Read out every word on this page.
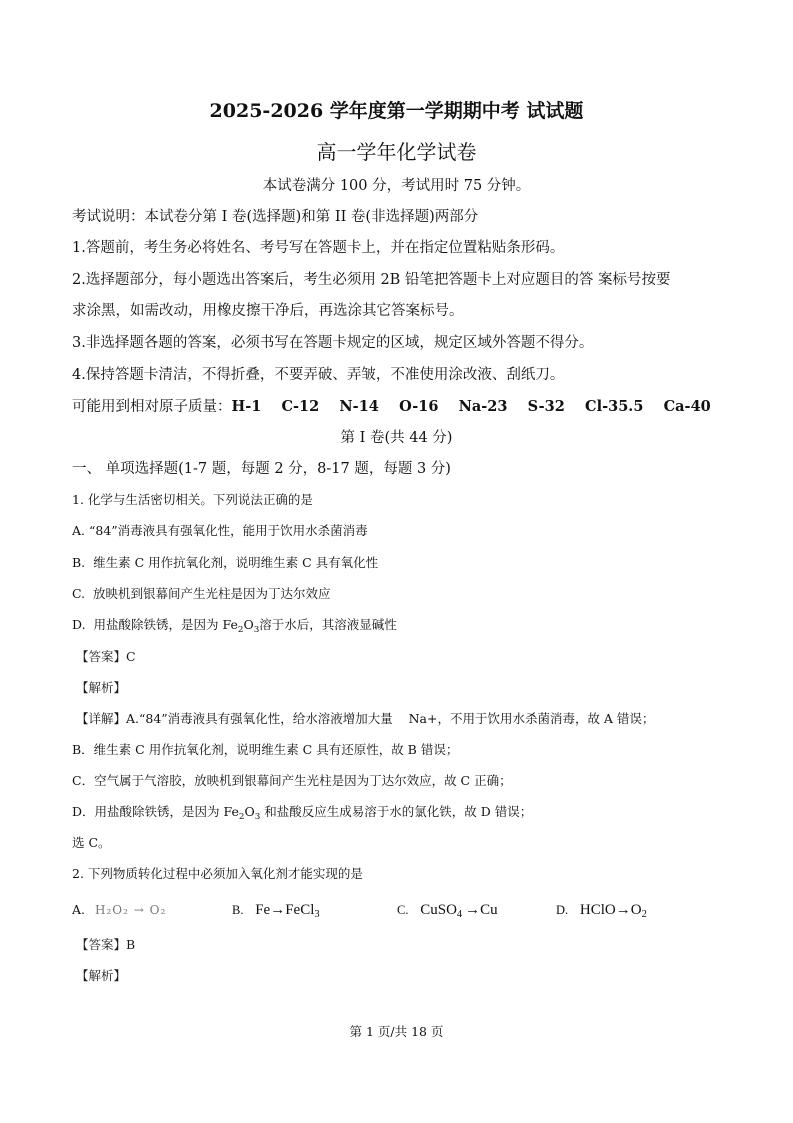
2025-2026 学年度第一学期期中考 试试题
高一学年化学试卷
本试卷满分 100 分，考试用时 75 分钟。
考试说明：本试卷分第 I 卷(选择题)和第 II 卷(非选择题)两部分
1.答题前，考生务必将姓名、考号写在答题卡上，并在指定位置粘贴条形码。
2.选择题部分，每小题选出答案后，考生必须用 2B 铅笔把答题卡上对应题目的答 案标号按要
求涂黑，如需改动，用橡皮擦干净后，再选涂其它答案标号。
3.非选择题各题的答案，必须书写在答题卡规定的区域，规定区域外答题不得分。
4.保持答题卡清洁，不得折叠，不要弄破、弄皱，不准使用涂改液、刮纸刀。
可能用到相对原子质量：H-1    C-12    N-14    O-16    Na-23    S-32    Cl-35.5    Ca-40
第 I 卷(共 44 分)
一、 单项选择题(1-7 题，每题 2 分，8-17 题，每题 3 分)
1. 化学与生活密切相关。下列说法正确的是
A. “84”消毒液具有强氧化性，能用于饮用水杀菌消毒
B.  维生素 C 用作抗氧化剂，说明维生素 C 具有氧化性
C.  放映机到银幕间产生光柱是因为丁达尔效应
D.  用盐酸除铁锈，是因为 $Fe_2O_3$溶于水后，其溶液显碱性
【答案】C
【解析】
【详解】A.“84”消毒液具有强氧化性，给水溶液增加大量    Na+，不用于饮用水杀菌消毒，故 A 错误；
B．维生素 C 用作抗氧化剂，说明维生素 C 具有还原性，故 B 错误；
C．空气属于气溶胶，放映机到银幕间产生光柱是因为丁达尔效应，故 C 正确；
D．用盐酸除铁锈，是因为 $Fe_2O_3$ 和盐酸反应生成易溶于水的氯化铁，故 D 错误；
选 C。
2. 下列物质转化过程中必须加入氧化剂才能实现的是
A. H₂O₂ → O₂	B. Fe→FeCl$_3$	C. CuSO$_4$ →Cu	D. $HClO\to O_2$
【答案】B
【解析】
第 1 页/共 18 页
